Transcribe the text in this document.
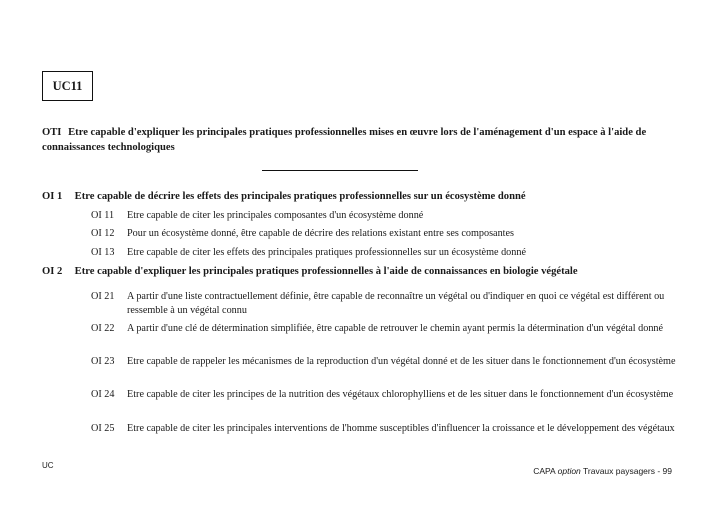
UC11
OTI Etre capable d'expliquer les principales pratiques professionnelles mises en œuvre lors de l'aménagement d'un espace à l'aide de connaissances technologiques
OI 1 Etre capable de décrire les effets des principales pratiques professionnelles sur un écosystème donné
OI 11 Etre capable de citer les principales composantes d'un écosystème donné
OI 12 Pour un écosystème donné, être capable de décrire des relations existant entre ses composantes
OI 13 Etre capable de citer les effets des principales pratiques professionnelles sur un écosystème donné
OI 2 Etre capable d'expliquer les principales pratiques professionnelles à l'aide de connaissances en biologie végétale
OI 21 A partir d'une liste contractuellement définie, être capable de reconnaître un végétal ou d'indiquer en quoi ce végétal est différent ou ressemble à un végétal connu
OI 22 A partir d'une clé de détermination simplifiée, être capable de retrouver le chemin ayant permis la détermination d'un végétal donné
OI 23 Etre capable de rappeler les mécanismes de la reproduction d'un végétal donné et de les situer dans le fonctionnement d'un écosystème
OI 24 Etre capable de citer les principes de la nutrition des végétaux chlorophylliens et de les situer dans le fonctionnement d'un écosystème
OI 25 Etre capable de citer les principales interventions de l'homme susceptibles d'influencer la croissance et le développement des végétaux
UC
CAPA option Travaux paysagers - 99
